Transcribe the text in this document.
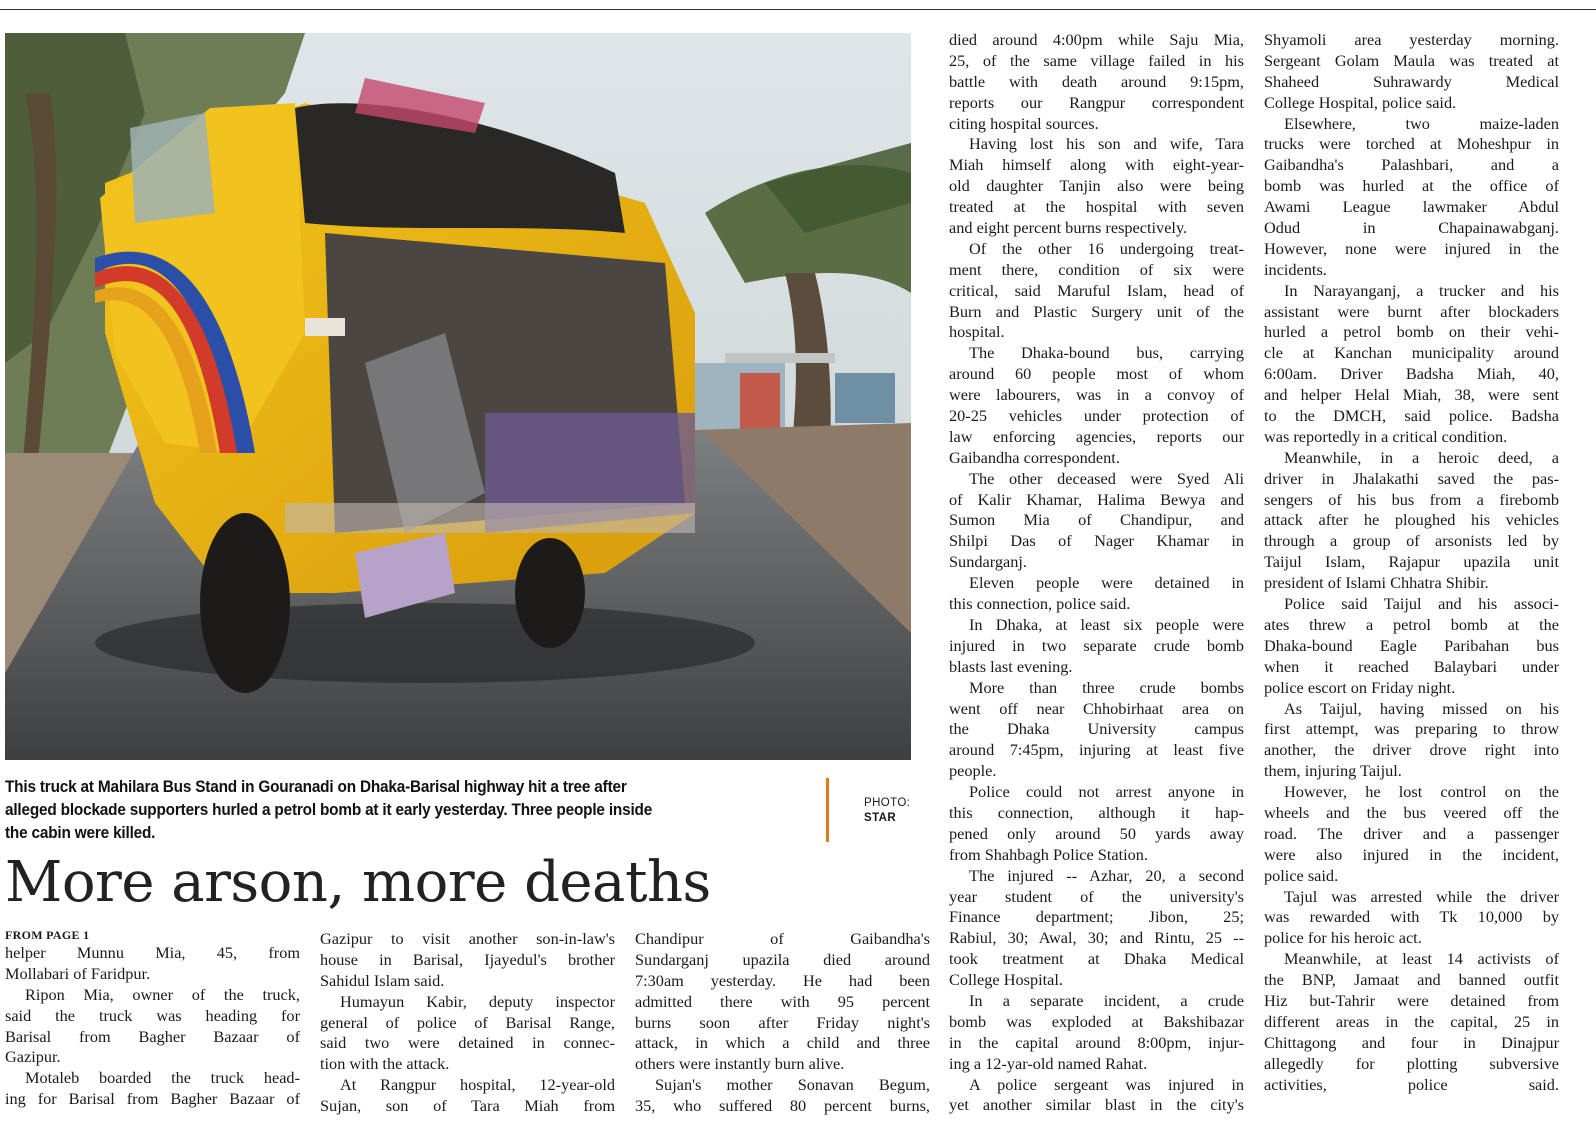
This truck at Mahilara Bus Stand in Gouranadi on Dhaka-Barisal highway hit a tree after alleged blockade supporters hurled a petrol bomb at it early yesterday. Three people inside the cabin were killed.
PHOTO:
STAR
More arson, more deaths
FROM PAGE 1
helper Munnu Mia, 45, from
Mollabari of Faridpur.
Ripon Mia, owner of the truck,
said the truck was heading for
Barisal from Bagher Bazaar of
Gazipur.
Motaleb boarded the truck head-
ing for Barisal from Bagher Bazaar of
Gazipur to visit another son-in-law's
house in Barisal, Ijayedul's brother
Sahidul Islam said.
Humayun Kabir, deputy inspector
general of police of Barisal Range,
said two were detained in connec-
tion with the attack.
At Rangpur hospital, 12-year-old
Sujan, son of Tara Miah from
Chandipur of Gaibandha's
Sundarganj upazila died around
7:30am yesterday. He had been
admitted there with 95 percent
burns soon after Friday night's
attack, in which a child and three
others were instantly burn alive.
Sujan's mother Sonavan Begum,
35, who suffered 80 percent burns,
died around 4:00pm while Saju Mia,
25, of the same village failed in his
battle with death around 9:15pm,
reports our Rangpur correspondent
citing hospital sources.
Having lost his son and wife, Tara
Miah himself along with eight-year-
old daughter Tanjin also were being
treated at the hospital with seven
and eight percent burns respectively.
Of the other 16 undergoing treat-
ment there, condition of six were
critical, said Maruful Islam, head of
Burn and Plastic Surgery unit of the
hospital.
The Dhaka-bound bus, carrying
around 60 people most of whom
were labourers, was in a convoy of
20-25 vehicles under protection of
law enforcing agencies, reports our
Gaibandha correspondent.
The other deceased were Syed Ali
of Kalir Khamar, Halima Bewya and
Sumon Mia of Chandipur, and
Shilpi Das of Nager Khamar in
Sundarganj.
Eleven people were detained in
this connection, police said.
In Dhaka, at least six people were
injured in two separate crude bomb
blasts last evening.
More than three crude bombs
went off near Chhobirhaat area on
the Dhaka University campus
around 7:45pm, injuring at least five
people.
Police could not arrest anyone in
this connection, although it hap-
pened only around 50 yards away
from Shahbagh Police Station.
The injured -- Azhar, 20, a second
year student of the university's
Finance department; Jibon, 25;
Rabiul, 30; Awal, 30; and Rintu, 25 --
took treatment at Dhaka Medical
College Hospital.
In a separate incident, a crude
bomb was exploded at Bakshibazar
in the capital around 8:00pm, injur-
ing a 12-yar-old named Rahat.
A police sergeant was injured in
yet another similar blast in the city's
Shyamoli area yesterday morning.
Sergeant Golam Maula was treated at
Shaheed Suhrawardy Medical
College Hospital, police said.
Elsewhere, two maize-laden
trucks were torched at Moheshpur in
Gaibandha's Palashbari, and a
bomb was hurled at the office of
Awami League lawmaker Abdul
Odud in Chapainawabganj.
However, none were injured in the
incidents.
In Narayanganj, a trucker and his
assistant were burnt after blockaders
hurled a petrol bomb on their vehi-
cle at Kanchan municipality around
6:00am. Driver Badsha Miah, 40,
and helper Helal Miah, 38, were sent
to the DMCH, said police. Badsha
was reportedly in a critical condition.
Meanwhile, in a heroic deed, a
driver in Jhalakathi saved the pas-
sengers of his bus from a firebomb
attack after he ploughed his vehicles
through a group of arsonists led by
Taijul Islam, Rajapur upazila unit
president of Islami Chhatra Shibir.
Police said Taijul and his associ-
ates threw a petrol bomb at the
Dhaka-bound Eagle Paribahan bus
when it reached Balaybari under
police escort on Friday night.
As Taijul, having missed on his
first attempt, was preparing to throw
another, the driver drove right into
them, injuring Taijul.
However, he lost control on the
wheels and the bus veered off the
road. The driver and a passenger
were also injured in the incident,
police said.
Tajul was arrested while the driver
was rewarded with Tk 10,000 by
police for his heroic act.
Meanwhile, at least 14 activists of
the BNP, Jamaat and banned outfit
Hiz but-Tahrir were detained from
different areas in the capital, 25 in
Chittagong and four in Dinajpur
allegedly for plotting subversive
activities, police said.
